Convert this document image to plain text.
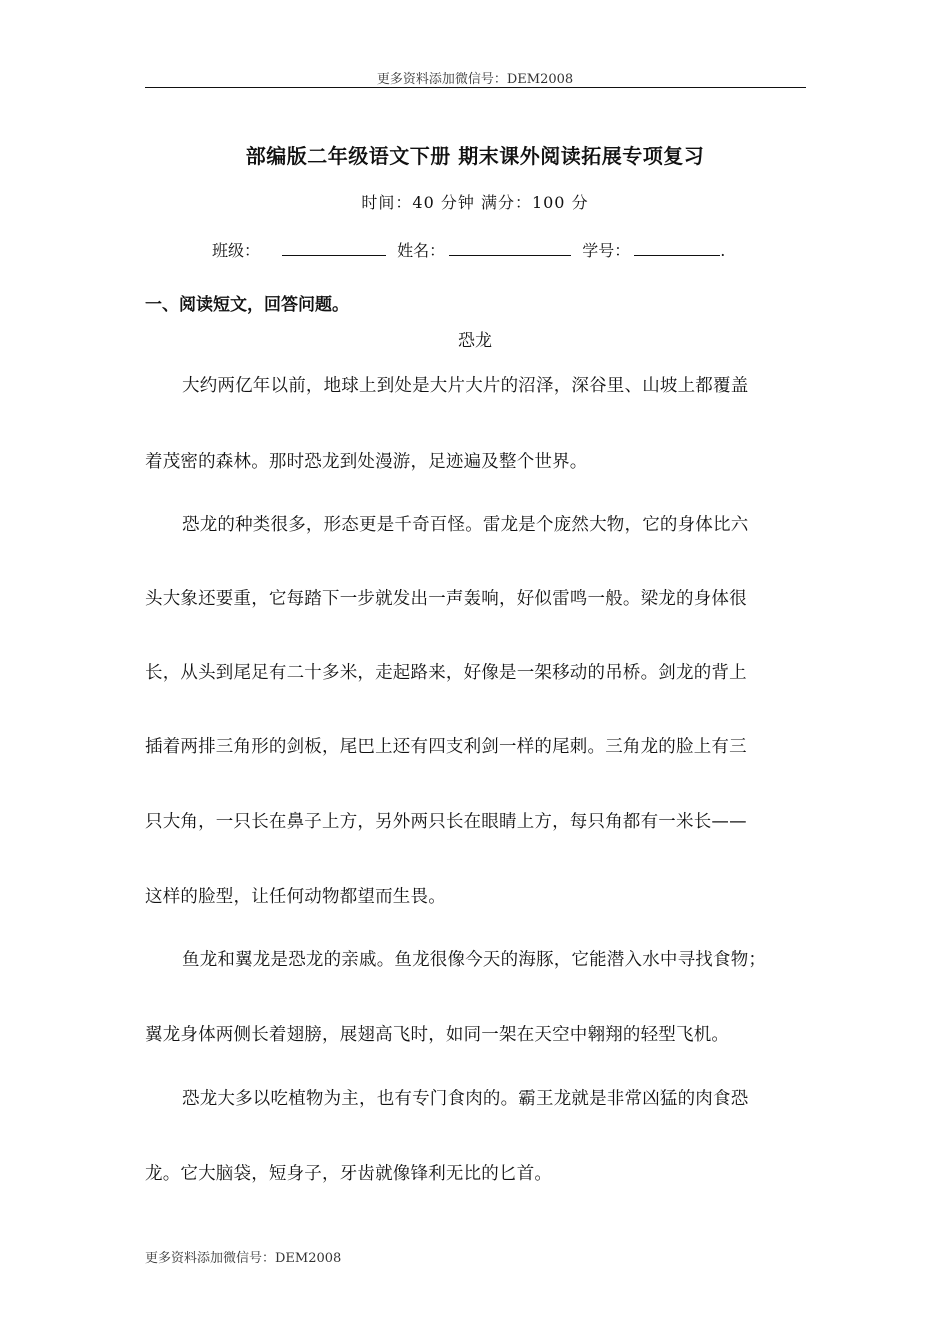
更多资料添加微信号：DEM2008
部编版二年级语文下册 期末课外阅读拓展专项复习
时间：40 分钟 满分：100 分
班级：	姓名：	学号：	.
一、阅读短文，回答问题。
恐龙
大约两亿年以前，地球上到处是大片大片的沼泽，深谷里、山坡上都覆盖
着茂密的森林。那时恐龙到处漫游，足迹遍及整个世界。
恐龙的种类很多，形态更是千奇百怪。雷龙是个庞然大物，它的身体比六
头大象还要重，它每踏下一步就发出一声轰响，好似雷鸣一般。梁龙的身体很
长，从头到尾足有二十多米，走起路来，好像是一架移动的吊桥。剑龙的背上
插着两排三角形的剑板，尾巴上还有四支利剑一样的尾刺。三角龙的脸上有三
只大角，一只长在鼻子上方，另外两只长在眼睛上方，每只角都有一米长——
这样的脸型，让任何动物都望而生畏。
鱼龙和翼龙是恐龙的亲戚。鱼龙很像今天的海豚，它能潜入水中寻找食物；
翼龙身体两侧长着翅膀，展翅高飞时，如同一架在天空中翱翔的轻型飞机。
恐龙大多以吃植物为主，也有专门食肉的。霸王龙就是非常凶猛的肉食恐
龙。它大脑袋，短身子，牙齿就像锋利无比的匕首。
更多资料添加微信号：DEM2008
